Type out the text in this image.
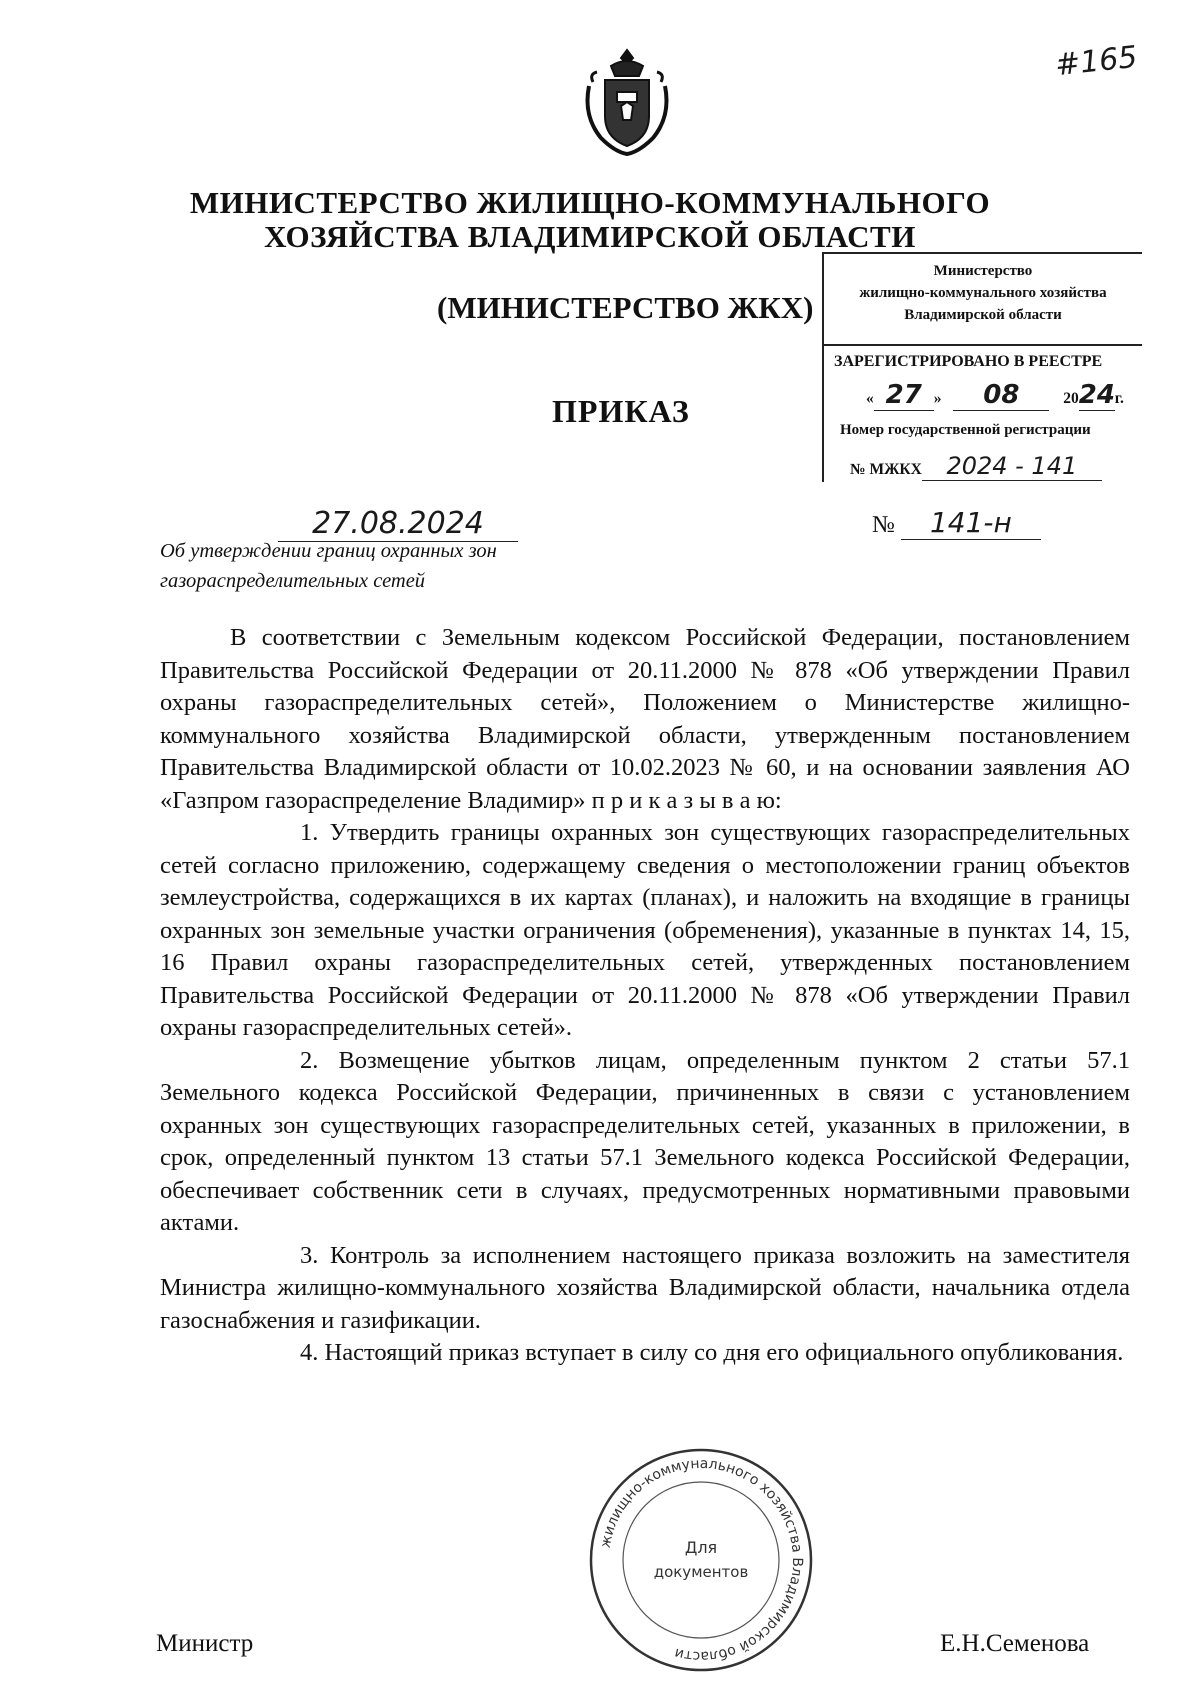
#165
МИНИСТЕРСТВО ЖИЛИЩНО-КОММУНАЛЬНОГО
ХОЗЯЙСТВА ВЛАДИМИРСКОЙ ОБЛАСТИ
(МИНИСТЕРСТВО ЖКХ)
ПРИКАЗ
Министерство
жилищно-коммунального хозяйства
Владимирской области
ЗАРЕГИСТРИРОВАНО В РЕЕСТРЕ
« 27 » 08	2024г.
Номер государственной регистрации
№ МЖКХ 2024 - 141
27.08.2024	№ 141-н
Об утверждении границ охранных зон
газораспределительных сетей

В соответствии с Земельным кодексом Российской Федерации, постановлением Правительства Российской Федерации от 20.11.2000 № 878 «Об утверждении Правил охраны газораспределительных сетей», Положением о Министерстве жилищно-коммунального хозяйства Владимирской области, утвержденным постановлением Правительства Владимирской области от 10.02.2023 № 60, и на основании заявления АО «Газпром газораспределение Владимир» п р и к а з ы в а ю:

1. Утвердить границы охранных зон существующих газораспределительных сетей согласно приложению, содержащему сведения о местоположении границ объектов землеустройства, содержащихся в их картах (планах), и наложить на входящие в границы охранных зон земельные участки ограничения (обременения), указанные в пунктах 14, 15, 16 Правил охраны газораспределительных сетей, утвержденных постановлением Правительства Российской Федерации от 20.11.2000 № 878 «Об утверждении Правил охраны газораспределительных сетей».

2. Возмещение убытков лицам, определенным пунктом 2 статьи 57.1 Земельного кодекса Российской Федерации, причиненных в связи с установлением охранных зон существующих газораспределительных сетей, указанных в приложении, в срок, определенный пунктом 13 статьи 57.1 Земельного кодекса Российской Федерации, обеспечивает собственник сети в случаях, предусмотренных нормативными правовыми актами.

3. Контроль за исполнением настоящего приказа возложить на заместителя Министра жилищно-коммунального хозяйства Владимирской области, начальника отдела газоснабжения и газификации.

4. Настоящий приказ вступает в силу со дня его официального опубликования.

Министр	Е.Н.Семенова
жилищно-коммунального хозяйства Владимирской области
Для
документов
